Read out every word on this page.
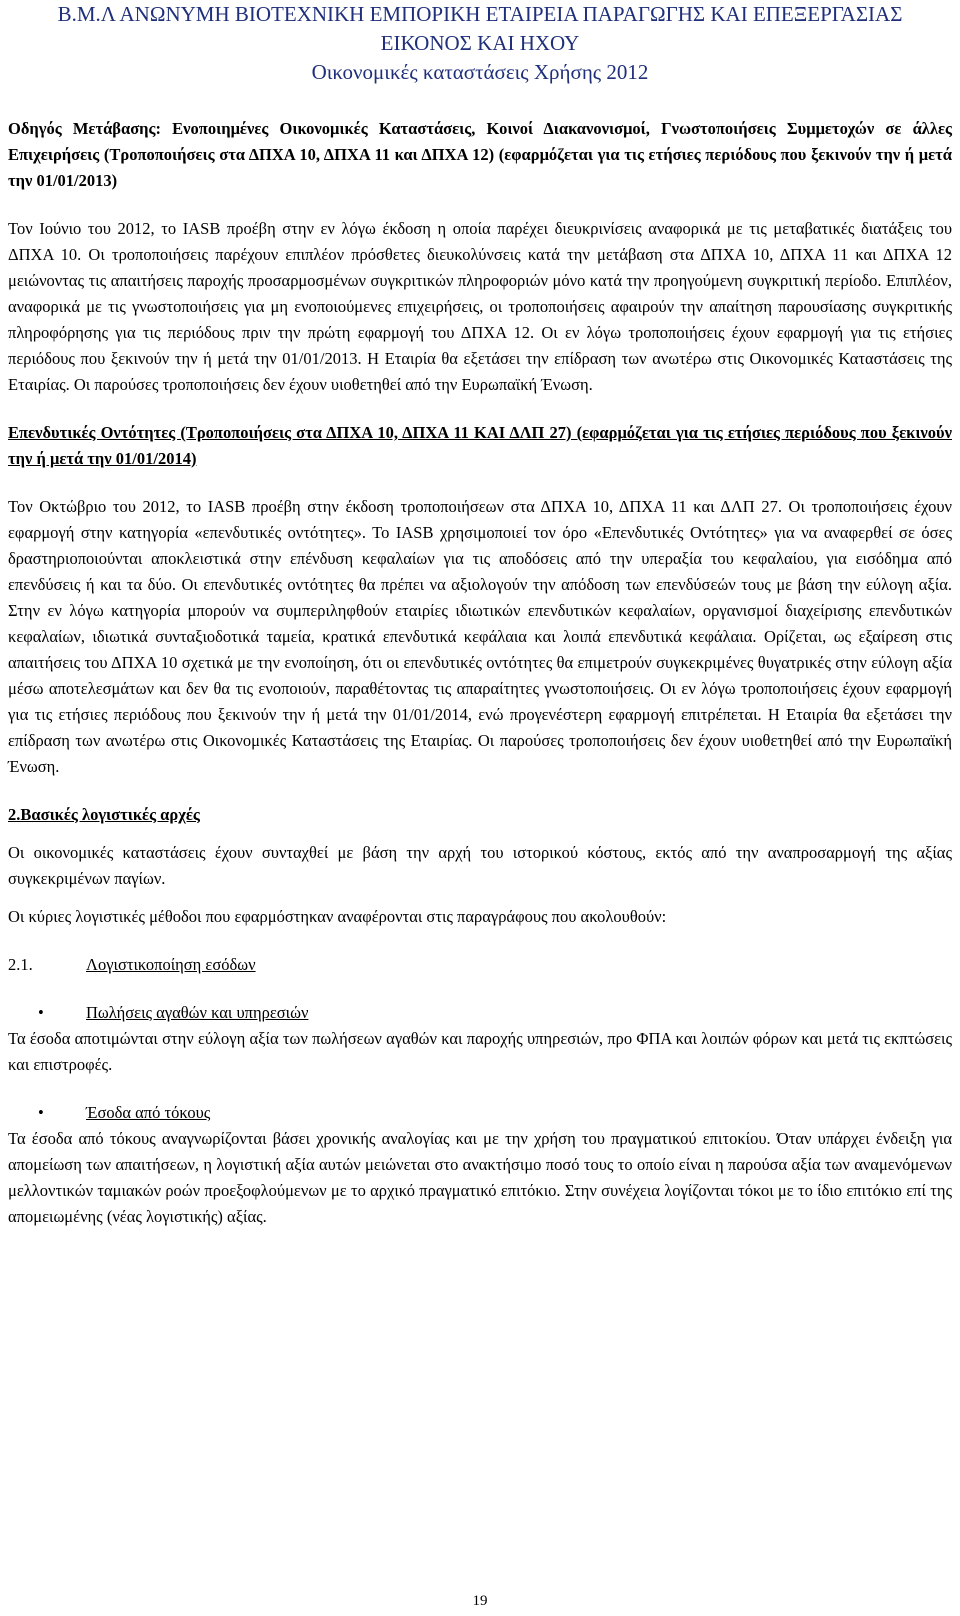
Β.Μ.Λ ΑΝΩΝΥΜΗ ΒΙΟΤΕΧΝΙΚΗ ΕΜΠΟΡΙΚΗ ΕΤΑΙΡΕΙΑ ΠΑΡΑΓΩΓΗΣ ΚΑΙ ΕΠΕΞΕΡΓΑΣΙΑΣ
ΕΙΚΟΝΟΣ ΚΑΙ ΗΧΟΥ
Οικονομικές καταστάσεις Χρήσης 2012

Οδηγός Μετάβασης: Ενοποιημένες Οικονομικές Καταστάσεις, Κοινοί Διακανονισμοί, Γνωστοποιήσεις Συμμετοχών σε άλλες Επιχειρήσεις (Τροποποιήσεις στα ΔΠΧΑ 10, ΔΠΧΑ 11 και ΔΠΧΑ 12) (εφαρμόζεται για τις ετήσιες περιόδους που ξεκινούν την ή μετά την 01/01/2013)

Τον Ιούνιο του 2012, το IASB προέβη στην εν λόγω έκδοση η οποία παρέχει διευκρινίσεις αναφορικά με τις μεταβατικές διατάξεις του ΔΠΧΑ 10. Οι τροποποιήσεις παρέχουν επιπλέον πρόσθετες διευκολύνσεις κατά την μετάβαση στα ΔΠΧΑ 10, ΔΠΧΑ 11 και ΔΠΧΑ 12 μειώνοντας τις απαιτήσεις παροχής προσαρμοσμένων συγκριτικών πληροφοριών μόνο κατά την προηγούμενη συγκριτική περίοδο. Επιπλέον, αναφορικά με τις γνωστοποιήσεις για μη ενοποιούμενες επιχειρήσεις, οι τροποποιήσεις αφαιρούν την απαίτηση παρουσίασης συγκριτικής πληροφόρησης για τις περιόδους πριν την πρώτη εφαρμογή του ΔΠΧΑ 12. Οι εν λόγω τροποποιήσεις έχουν εφαρμογή για τις ετήσιες περιόδους που ξεκινούν την ή μετά την 01/01/2013. Η Εταιρία θα εξετάσει την επίδραση των ανωτέρω στις Οικονομικές Καταστάσεις της Εταιρίας. Οι παρούσες τροποποιήσεις δεν έχουν υιοθετηθεί από την Ευρωπαϊκή Ένωση.

Επενδυτικές Οντότητες (Τροποποιήσεις στα ΔΠΧΑ 10, ΔΠΧΑ 11 ΚΑΙ ΔΛΠ 27) (εφαρμόζεται για τις ετήσιες περιόδους που ξεκινούν την ή μετά την 01/01/2014)

Τον Οκτώβριο του 2012, το IASB προέβη στην έκδοση τροποποιήσεων στα ΔΠΧΑ 10, ΔΠΧΑ 11 και ΔΛΠ 27. Οι τροποποιήσεις έχουν εφαρμογή στην κατηγορία «επενδυτικές οντότητες». Το IASB χρησιμοποιεί τον όρο «Επενδυτικές Οντότητες» για να αναφερθεί σε όσες δραστηριοποιούνται αποκλειστικά στην επένδυση κεφαλαίων για τις αποδόσεις από την υπεραξία του κεφαλαίου, για εισόδημα από επενδύσεις ή και τα δύο. Οι επενδυτικές οντότητες θα πρέπει να αξιολογούν την απόδοση των επενδύσεών τους με βάση την εύλογη αξία. Στην εν λόγω κατηγορία μπορούν να συμπεριληφθούν εταιρίες ιδιωτικών επενδυτικών κεφαλαίων, οργανισμοί διαχείρισης επενδυτικών κεφαλαίων, ιδιωτικά συνταξιοδοτικά ταμεία, κρατικά επενδυτικά κεφάλαια και λοιπά επενδυτικά κεφάλαια. Ορίζεται, ως εξαίρεση στις απαιτήσεις του ΔΠΧΑ 10 σχετικά με την ενοποίηση, ότι οι επενδυτικές οντότητες θα επιμετρούν συγκεκριμένες θυγατρικές στην εύλογη αξία μέσω αποτελεσμάτων και δεν θα τις ενοποιούν, παραθέτοντας τις απαραίτητες γνωστοποιήσεις. Οι εν λόγω τροποποιήσεις έχουν εφαρμογή για τις ετήσιες περιόδους που ξεκινούν την ή μετά την 01/01/2014, ενώ προγενέστερη εφαρμογή επιτρέπεται. Η Εταιρία θα εξετάσει την επίδραση των ανωτέρω στις Οικονομικές Καταστάσεις της Εταιρίας. Οι παρούσες τροποποιήσεις δεν έχουν υιοθετηθεί από την Ευρωπαϊκή Ένωση.

2.Βασικές λογιστικές αρχές

Οι οικονομικές καταστάσεις έχουν συνταχθεί με βάση την αρχή του ιστορικού κόστους, εκτός από την αναπροσαρμογή της αξίας συγκεκριμένων παγίων.

Οι κύριες λογιστικές μέθοδοι που εφαρμόστηκαν αναφέρονται στις παραγράφους που ακολουθούν:

2.1.	Λογιστικοποίηση εσόδων
•	Πωλήσεις αγαθών και υπηρεσιών

Τα έσοδα αποτιμώνται στην εύλογη αξία των πωλήσεων αγαθών και παροχής υπηρεσιών, προ ΦΠΑ και λοιπών φόρων και μετά τις εκπτώσεις και επιστροφές.

•	Έσοδα από τόκους

Τα έσοδα από τόκους αναγνωρίζονται βάσει χρονικής αναλογίας και με την χρήση του πραγματικού επιτοκίου. Όταν υπάρχει ένδειξη για απομείωση των απαιτήσεων, η λογιστική αξία αυτών μειώνεται στο ανακτήσιμο ποσό τους το οποίο είναι η παρούσα αξία των αναμενόμενων μελλοντικών ταμιακών ροών προεξοφλούμενων με το αρχικό πραγματικό επιτόκιο. Στην συνέχεια λογίζονται τόκοι με το ίδιο επιτόκιο επί της απομειωμένης (νέας λογιστικής) αξίας.

19
